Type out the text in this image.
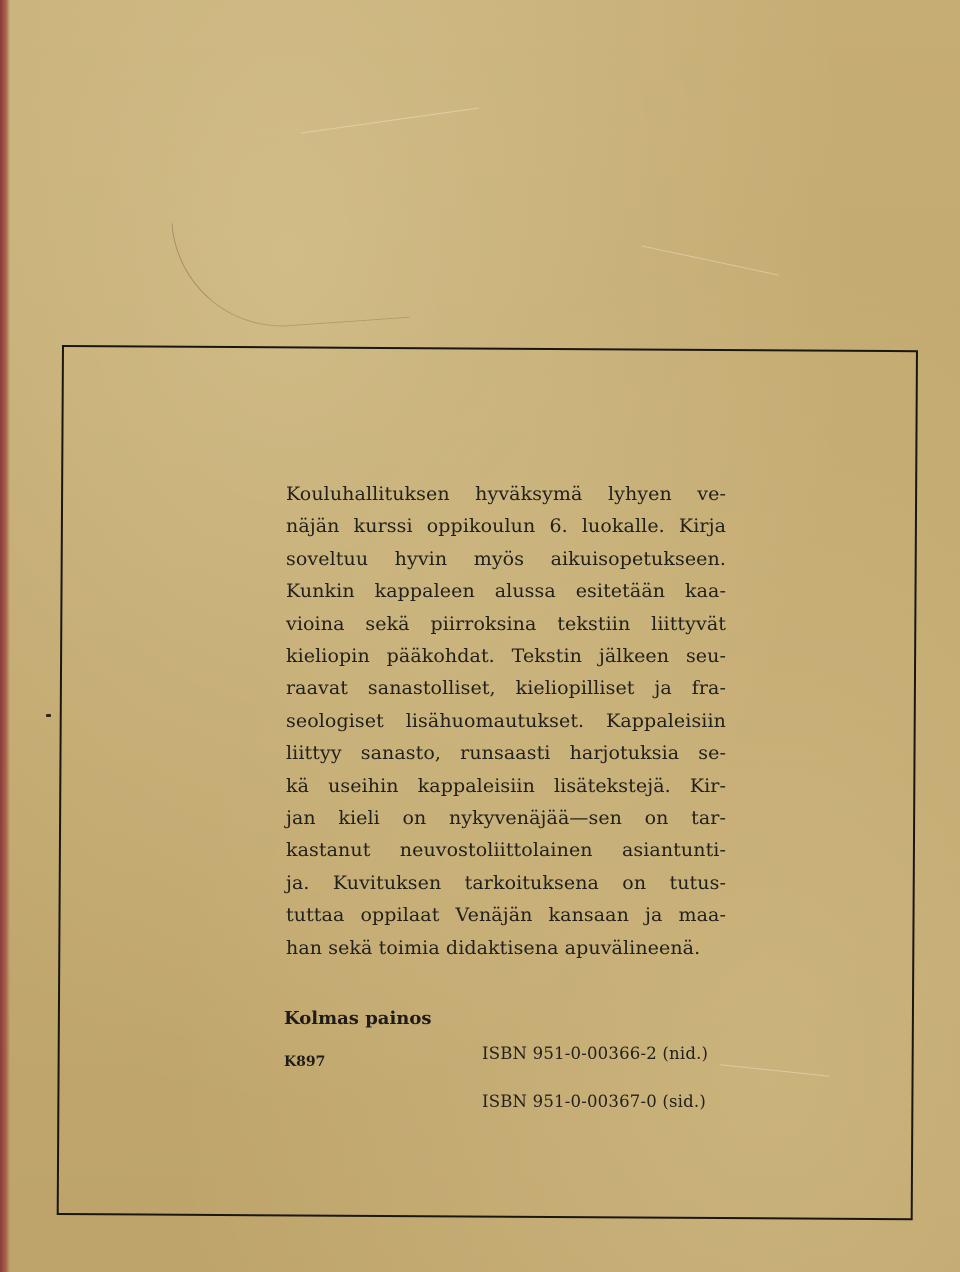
Kouluhallituksen hyväksymä lyhyen ve-
näjän kurssi oppikoulun 6. luokalle. Kirja
soveltuu hyvin myös aikuisopetukseen.
Kunkin kappaleen alussa esitetään kaa-
vioina sekä piirroksina tekstiin liittyvät
kieliopin pääkohdat. Tekstin jälkeen seu-
raavat sanastolliset, kieliopilliset ja fra-
seologiset lisähuomautukset. Kappaleisiin
liittyy sanasto, runsaasti harjotuksia se-
kä useihin kappaleisiin lisätekstejä. Kir-
jan kieli on nykyvenäjää—sen on tar-
kastanut neuvostoliittolainen asiantunti-
ja. Kuvituksen tarkoituksena on tutus-
tuttaa oppilaat Venäjän kansaan ja maa-
han sekä toimia didaktisena apuvälineenä.
Kolmas painos
K897	ISBN 951-0-00366-2 (nid.)
ISBN 951-0-00367-0 (sid.)
